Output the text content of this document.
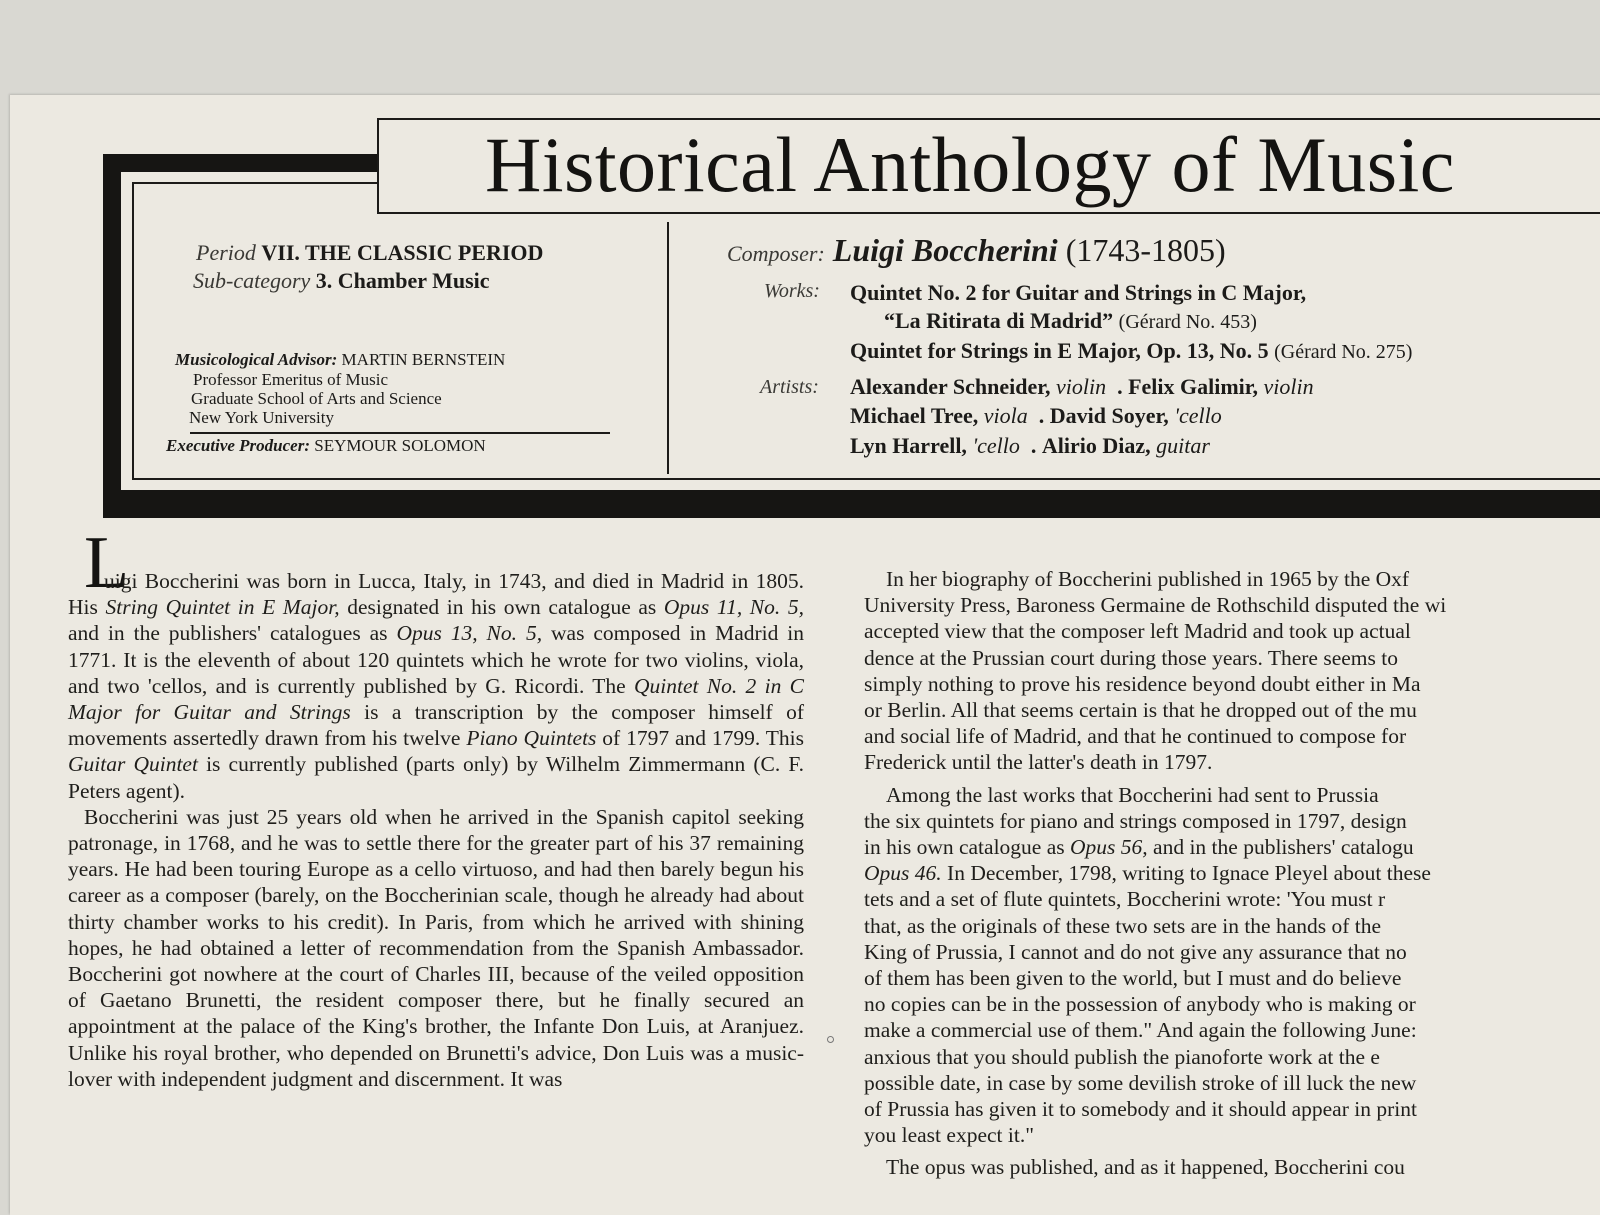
Historical Anthology of Music
Period VII. THE CLASSIC PERIOD
Sub-category 3. Chamber Music
Musicological Advisor: MARTIN BERNSTEIN
Professor Emeritus of Music
Graduate School of Arts and Science
New York University
Executive Producer: SEYMOUR SOLOMON
Composer: Luigi Boccherini (1743-1805)
Works: Quintet No. 2 for Guitar and Strings in C Major,
“La Ritirata di Madrid” (Gérard No. 453)
Quintet for Strings in E Major, Op. 13, No. 5 (Gérard No. 275)
Artists: Alexander Schneider, violin . Felix Galimir, violin
Michael Tree, viola . David Soyer, 'cello
Lyn Harrell, 'cello . Alirio Diaz, guitar
L

uigi Boccherini was born in Lucca, Italy, in 1743, and died in Madrid in 1805. His String Quintet in E Major, designated in his own catalogue as Opus 11, No. 5, and in the publishers' catalogues as Opus 13, No. 5, was composed in Madrid in 1771. It is the eleventh of about 120 quintets which he wrote for two violins, viola, and two 'cellos, and is currently published by G. Ricordi. The Quintet No. 2 in C Major for Guitar and Strings is a transcription by the composer himself of movements assertedly drawn from his twelve Piano Quintets of 1797 and 1799. This Guitar Quintet is currently published (parts only) by Wilhelm Zimmermann (C. F. Peters agent).

Boccherini was just 25 years old when he arrived in the Spanish capitol seeking patronage, in 1768, and he was to settle there for the greater part of his 37 remaining years. He had been touring Europe as a cello virtuoso, and had then barely begun his career as a composer (barely, on the Boccherinian scale, though he already had about thirty chamber works to his credit). In Paris, from which he arrived with shining hopes, he had obtained a letter of recommendation from the Spanish Ambassador. Boccherini got nowhere at the court of Charles III, because of the veiled opposition of Gaetano Brunetti, the resident composer there, but he finally secured an appointment at the palace of the King's brother, the Infante Don Luis, at Aranjuez. Unlike his royal brother, who depended on Brunetti's advice, Don Luis was a music-lover with independent judgment and discernment. It was

In her biography of Boccherini published in 1965 by the Oxf
University Press, Baroness Germaine de Rothschild disputed the wi
accepted view that the composer left Madrid and took up actual
dence at the Prussian court during those years. There seems to
simply nothing to prove his residence beyond doubt either in Ma
or Berlin. All that seems certain is that he dropped out of the mu
and social life of Madrid, and that he continued to compose for
Frederick until the latter's death in 1797.
Among the last works that Boccherini had sent to Prussia
the six quintets for piano and strings composed in 1797, design
in his own catalogue as Opus 56, and in the publishers' catalogu
Opus 46. In December, 1798, writing to Ignace Pleyel about these
tets and a set of flute quintets, Boccherini wrote: 'You must r
that, as the originals of these two sets are in the hands of the
King of Prussia, I cannot and do not give any assurance that no
of them has been given to the world, but I must and do believe
no copies can be in the possession of anybody who is making or
make a commercial use of them." And again the following June:
anxious that you should publish the pianoforte work at the e
possible date, in case by some devilish stroke of ill luck the new
of Prussia has given it to somebody and it should appear in print
you least expect it."
The opus was published, and as it happened, Boccherini cou
